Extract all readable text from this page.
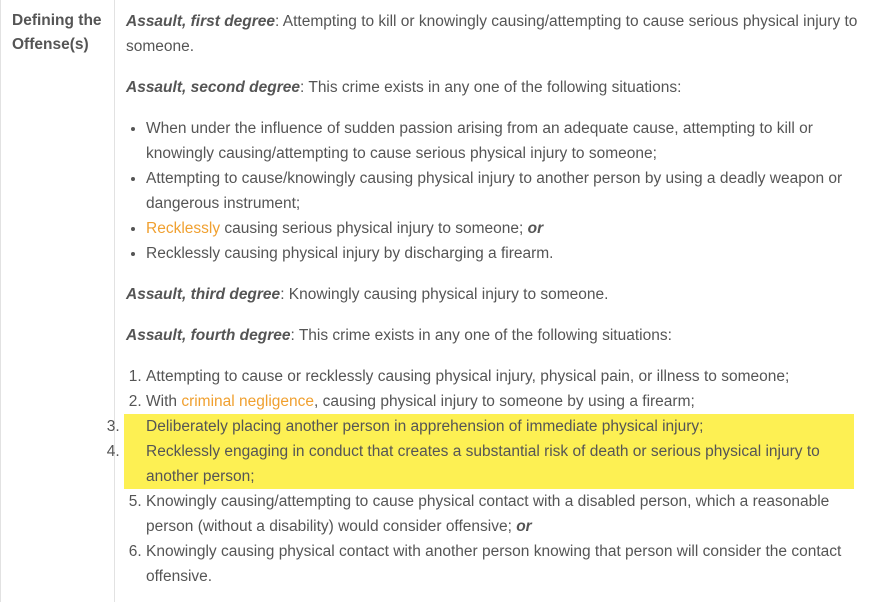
Defining the
Offense(s)

Assault, first degree: Attempting to kill or knowingly causing/attempting to cause serious physical injury to someone.

Assault, second degree: This crime exists in any one of the following situations:

• When under the influence of sudden passion arising from an adequate cause, attempting to kill or knowingly causing/attempting to cause serious physical injury to someone;
• Attempting to cause/knowingly causing physical injury to another person by using a deadly weapon or dangerous instrument;
• Recklessly causing serious physical injury to someone; or
• Recklessly causing physical injury by discharging a firearm.

Assault, third degree: Knowingly causing physical injury to someone.

Assault, fourth degree: This crime exists in any one of the following situations:

1. Attempting to cause or recklessly causing physical injury, physical pain, or illness to someone;
2. With criminal negligence, causing physical injury to someone by using a firearm;
3. Deliberately placing another person in apprehension of immediate physical injury;
4. Recklessly engaging in conduct that creates a substantial risk of death or serious physical injury to another person;
5. Knowingly causing/attempting to cause physical contact with a disabled person, which a reasonable person (without a disability) would consider offensive; or
6. Knowingly causing physical contact with another person knowing that person will consider the contact offensive.
